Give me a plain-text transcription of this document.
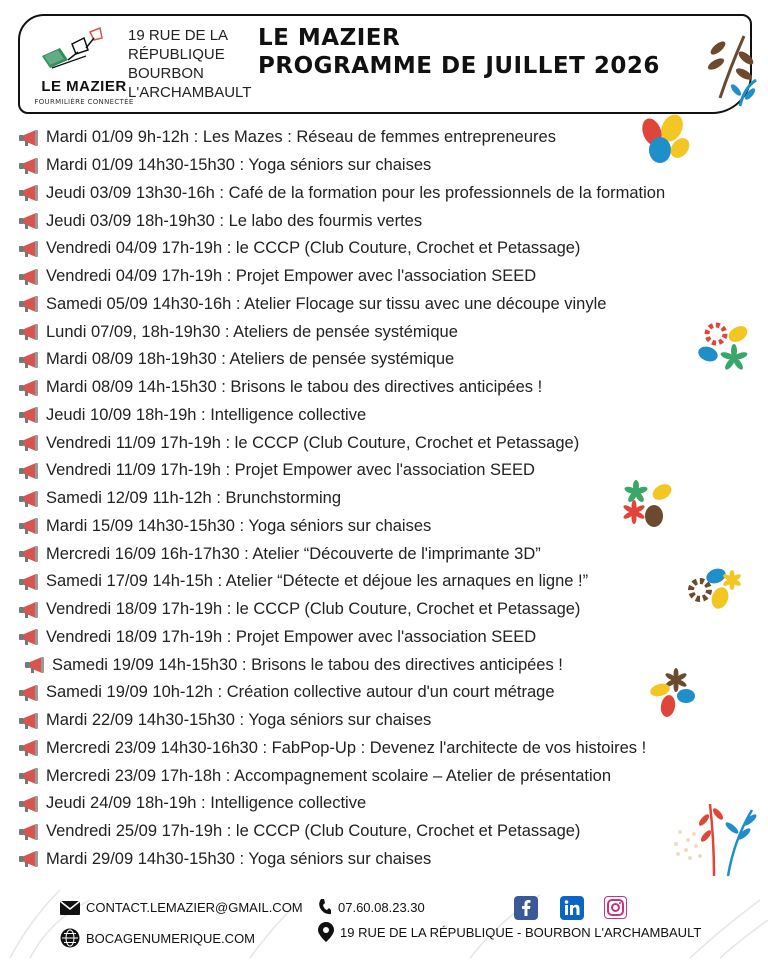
LE MAZIER
FOURMILIÈRE CONNECTÉE
19 RUE DE LA
RÉPUBLIQUE
BOURBON
L'ARCHAMBAULT
LE MAZIER
PROGRAMME DE JUILLET 2026
Mardi 01/09 9h-12h : Les Mazes : Réseau de femmes entrepreneures
Mardi 01/09 14h30-15h30 : Yoga séniors sur chaises
Jeudi 03/09 13h30-16h : Café de la formation pour les professionnels de la formation
Jeudi 03/09 18h-19h30 : Le labo des fourmis vertes
Vendredi 04/09 17h-19h : le CCCP (Club Couture, Crochet et Petassage)
Vendredi 04/09 17h-19h : Projet Empower avec l'association SEED
Samedi 05/09 14h30-16h : Atelier Flocage sur tissu avec une découpe vinyle
Lundi 07/09, 18h-19h30 : Ateliers de pensée systémique
Mardi 08/09 18h-19h30 : Ateliers de pensée systémique
Mardi 08/09 14h-15h30 : Brisons le tabou des directives anticipées !
Jeudi 10/09 18h-19h : Intelligence collective
Vendredi 11/09 17h-19h : le CCCP (Club Couture, Crochet et Petassage)
Vendredi 11/09 17h-19h : Projet Empower avec l'association SEED
Samedi 12/09 11h-12h : Brunchstorming
Mardi 15/09 14h30-15h30 : Yoga séniors sur chaises
Mercredi 16/09 16h-17h30 : Atelier “Découverte de l'imprimante 3D”
Samedi 17/09 14h-15h : Atelier “Détecte et déjoue les arnaques en ligne !”
Vendredi 18/09 17h-19h : le CCCP (Club Couture, Crochet et Petassage)
Vendredi 18/09 17h-19h : Projet Empower avec l'association SEED
Samedi 19/09 14h-15h30 : Brisons le tabou des directives anticipées !
Samedi 19/09 10h-12h : Création collective autour d'un court métrage
Mardi 22/09 14h30-15h30 : Yoga séniors sur chaises
Mercredi 23/09 14h30-16h30 : FabPop-Up : Devenez l'architecte de vos histoires !
Mercredi 23/09 17h-18h : Accompagnement scolaire – Atelier de présentation
Jeudi 24/09 18h-19h : Intelligence collective
Vendredi 25/09 17h-19h : le CCCP (Club Couture, Crochet et Petassage)
Mardi 29/09 14h30-15h30 : Yoga séniors sur chaises
CONTACT.LEMAZIER@GMAIL.COM
BOCAGENUMERIQUE.COM
07.60.08.23.30
19 RUE DE LA RÉPUBLIQUE - BOURBON L'ARCHAMBAULT
